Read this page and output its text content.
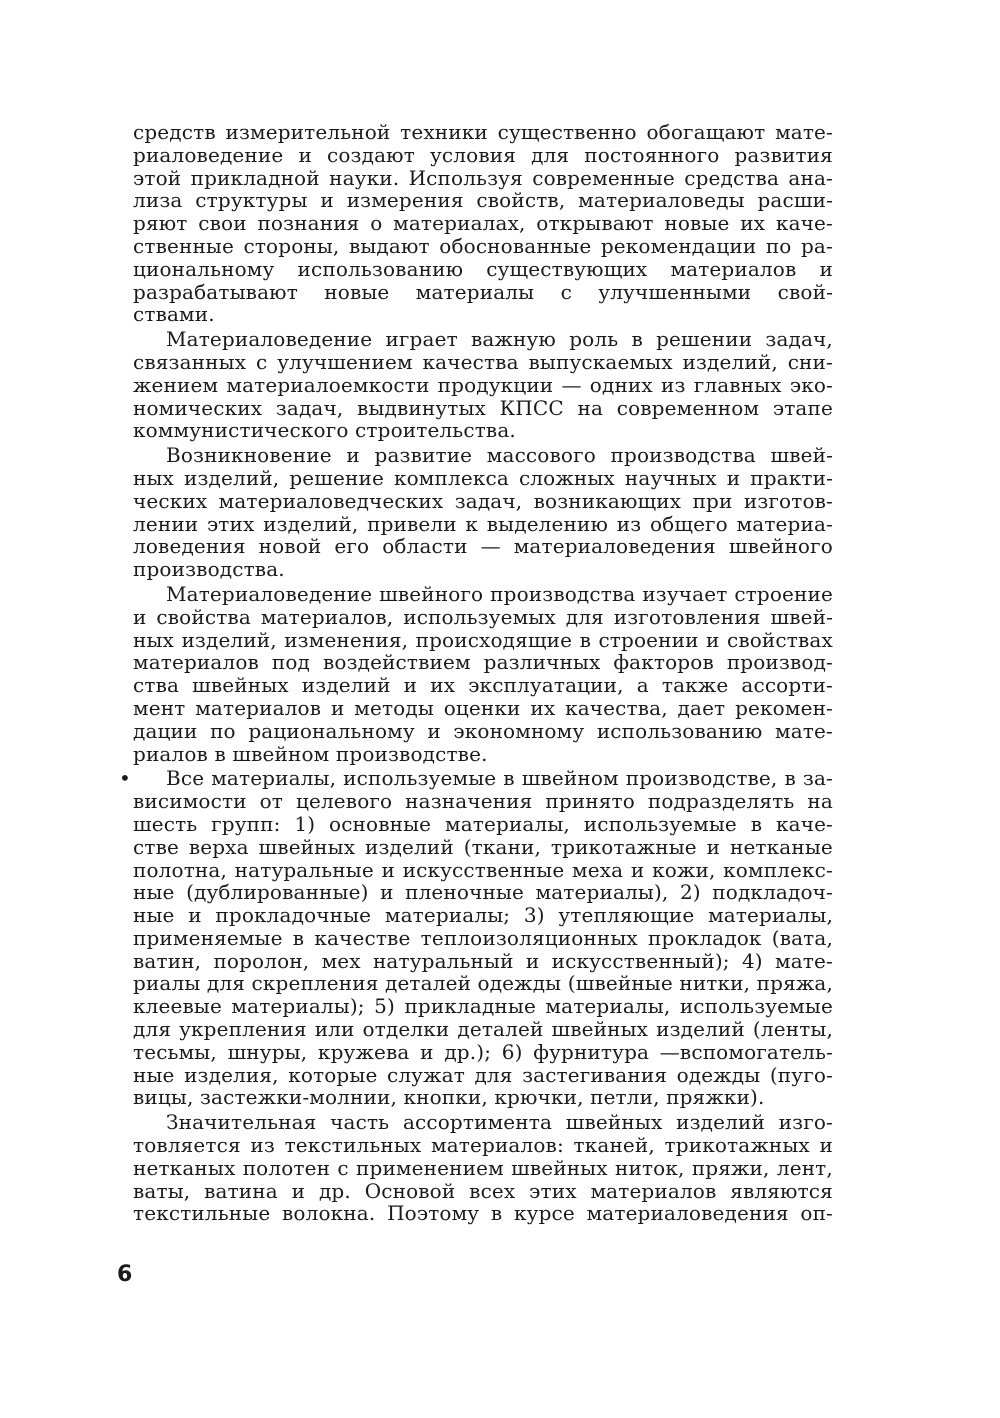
средств измерительной техники существенно обогащают мате-
риаловедение и создают условия для постоянного развития
этой прикладной науки. Используя современные средства ана-
лиза структуры и измерения свойств, материаловеды расши-
ряют свои познания о материалах, открывают новые их каче-
ственные стороны, выдают обоснованные рекомендации по ра-
циональному использованию существующих материалов и
разрабатывают новые материалы с улучшенными свой-
ствами.
Материаловедение играет важную роль в решении задач,
связанных с улучшением качества выпускаемых изделий, сни-
жением материалоемкости продукции — одних из главных эко-
номических задач, выдвинутых КПСС на современном этапе
коммунистического строительства.
Возникновение и развитие массового производства швей-
ных изделий, решение комплекса сложных научных и практи-
ческих материаловедческих задач, возникающих при изготов-
лении этих изделий, привели к выделению из общего материа-
ловедения новой его области — материаловедения швейного
производства.
Материаловедение швейного производства изучает строение
и свойства материалов, используемых для изготовления швей-
ных изделий, изменения, происходящие в строении и свойствах
материалов под воздействием различных факторов производ-
ства швейных изделий и их эксплуатации, а также ассорти-
мент материалов и методы оценки их качества, дает рекомен-
дации по рациональному и экономному использованию мате-
риалов в швейном производстве.
• Все материалы, используемые в швейном производстве, в за-
висимости от целевого назначения принято подразделять на
шесть групп: 1) основные материалы, используемые в каче-
стве верха швейных изделий (ткани, трикотажные и нетканые
полотна, натуральные и искусственные меха и кожи, комплекс-
ные (дублированные) и пленочные материалы), 2) подкладоч-
ные и прокладочные материалы; 3) утепляющие материалы,
применяемые в качестве теплоизоляционных прокладок (вата,
ватин, поролон, мех натуральный и искусственный); 4) мате-
риалы для скрепления деталей одежды (швейные нитки, пряжа,
клеевые материалы); 5) прикладные материалы, используемые
для укрепления или отделки деталей швейных изделий (ленты,
тесьмы, шнуры, кружева и др.); 6) фурнитура —вспомогатель-
ные изделия, которые служат для застегивания одежды (пуго-
вицы, застежки-молнии, кнопки, крючки, петли, пряжки).
Значительная часть ассортимента швейных изделий изго-
товляется из текстильных материалов: тканей, трикотажных и
нетканых полотен с применением швейных ниток, пряжи, лент,
ваты, ватина и др. Основой всех этих материалов являются
текстильные волокна. Поэтому в курсе материаловедения оп-
6
